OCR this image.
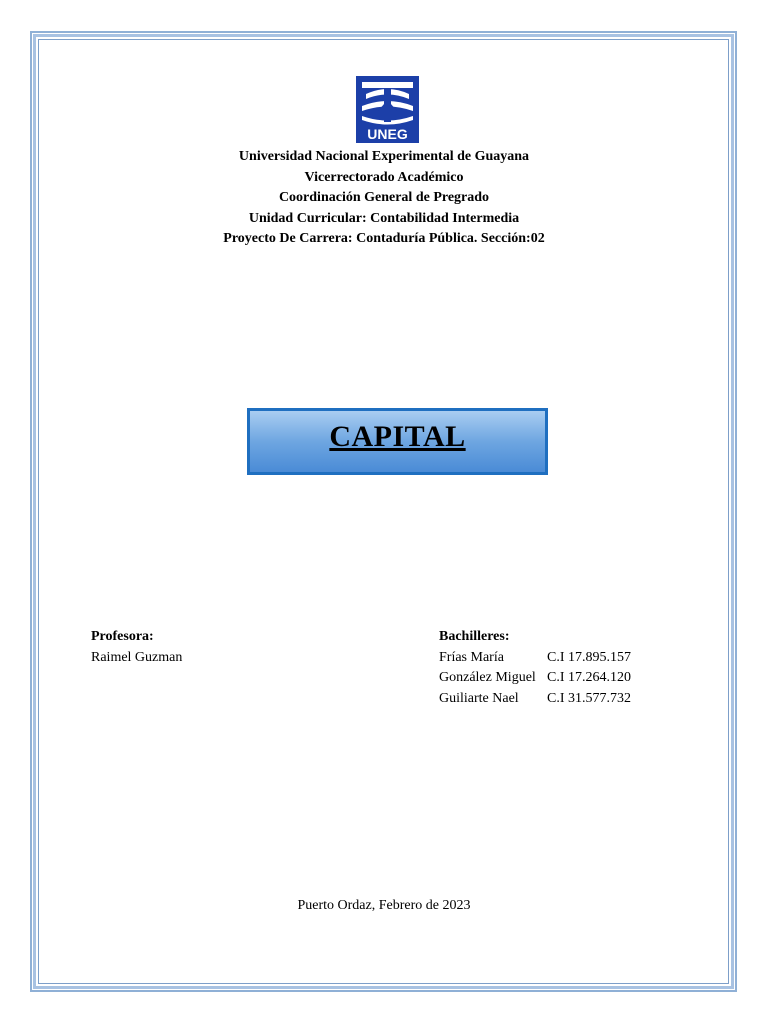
UNEG
Universidad Nacional Experimental de Guayana
Vicerrectorado Académico
Coordinación General de Pregrado
Unidad Curricular: Contabilidad Intermedia
Proyecto De Carrera: Contaduría Pública. Sección:02
CAPITAL
Profesora:
Raimel Guzman
Bachilleres:
Frías María	C.I 17.895.157
González Miguel C.I 17.264.120
Guiliarte Nael C.I 31.577.732
Puerto Ordaz, Febrero de 2023
